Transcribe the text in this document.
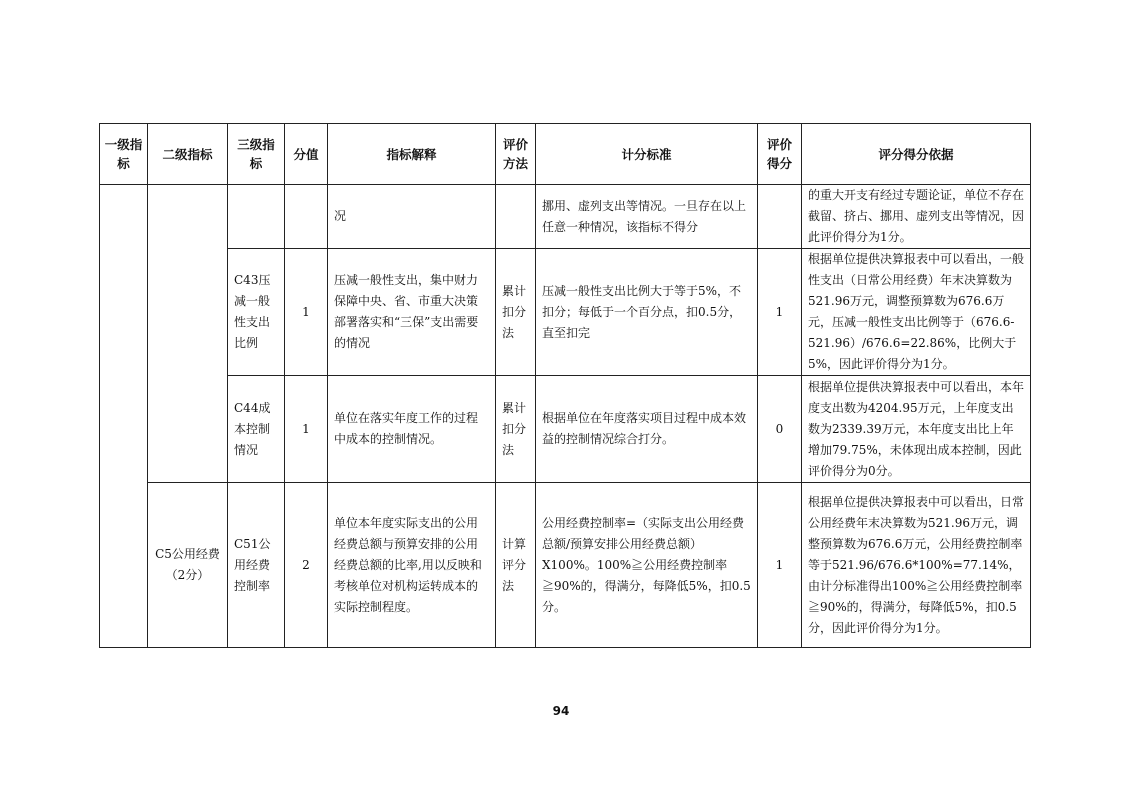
一级指标	二级指标	三级指标	分值	指标解释	评价方法	计分标准	评价得分	评分得分依据

				况		挪用、虚列支出等情况。一旦存在以上任意一种情况，该指标不得分		的重大开支有经过专题论证，单位不存在截留、挤占、挪用、虚列支出等情况，因此评价得分为1分。

		C43压减一般性支出比例	1	压减一般性支出，集中财力保障中央、省、市重大决策部署落实和“三保”支出需要的情况	累计扣分法	压减一般性支出比例大于等于5%，不扣分；每低于一个百分点，扣0.5分，直至扣完	1	根据单位提供决算报表中可以看出，一般性支出（日常公用经费）年末决算数为521.96万元，调整预算数为676.6万元，压减一般性支出比例等于（676.6-521.96）/676.6=22.86%，比例大于5%，因此评价得分为1分。

		C44成本控制情况	1	单位在落实年度工作的过程中成本的控制情况。	累计扣分法	根据单位在年度落实项目过程中成本效益的控制情况综合打分。	0	根据单位提供决算报表中可以看出，本年度支出数为4204.95万元，上年度支出数为2339.39万元，本年度支出比上年增加79.75%，未体现出成本控制，因此评价得分为0分。

	C5公用经费（2分）	C51公用经费控制率	2	单位本年度实际支出的公用经费总额与预算安排的公用经费总额的比率,用以反映和考核单位对机构运转成本的实际控制程度。	计算评分法	公用经费控制率=（实际支出公用经费总额/预算安排公用经费总额）X100%。100%≧公用经费控制率≧90%的，得满分，每降低5%，扣0.5分。	1	根据单位提供决算报表中可以看出，日常公用经费年末决算数为521.96万元，调整预算数为676.6万元，公用经费控制率等于521.96/676.6*100%=77.14%，由计分标准得出100%≧公用经费控制率≧90%的，得满分，每降低5%，扣0.5分，因此评价得分为1分。
94
